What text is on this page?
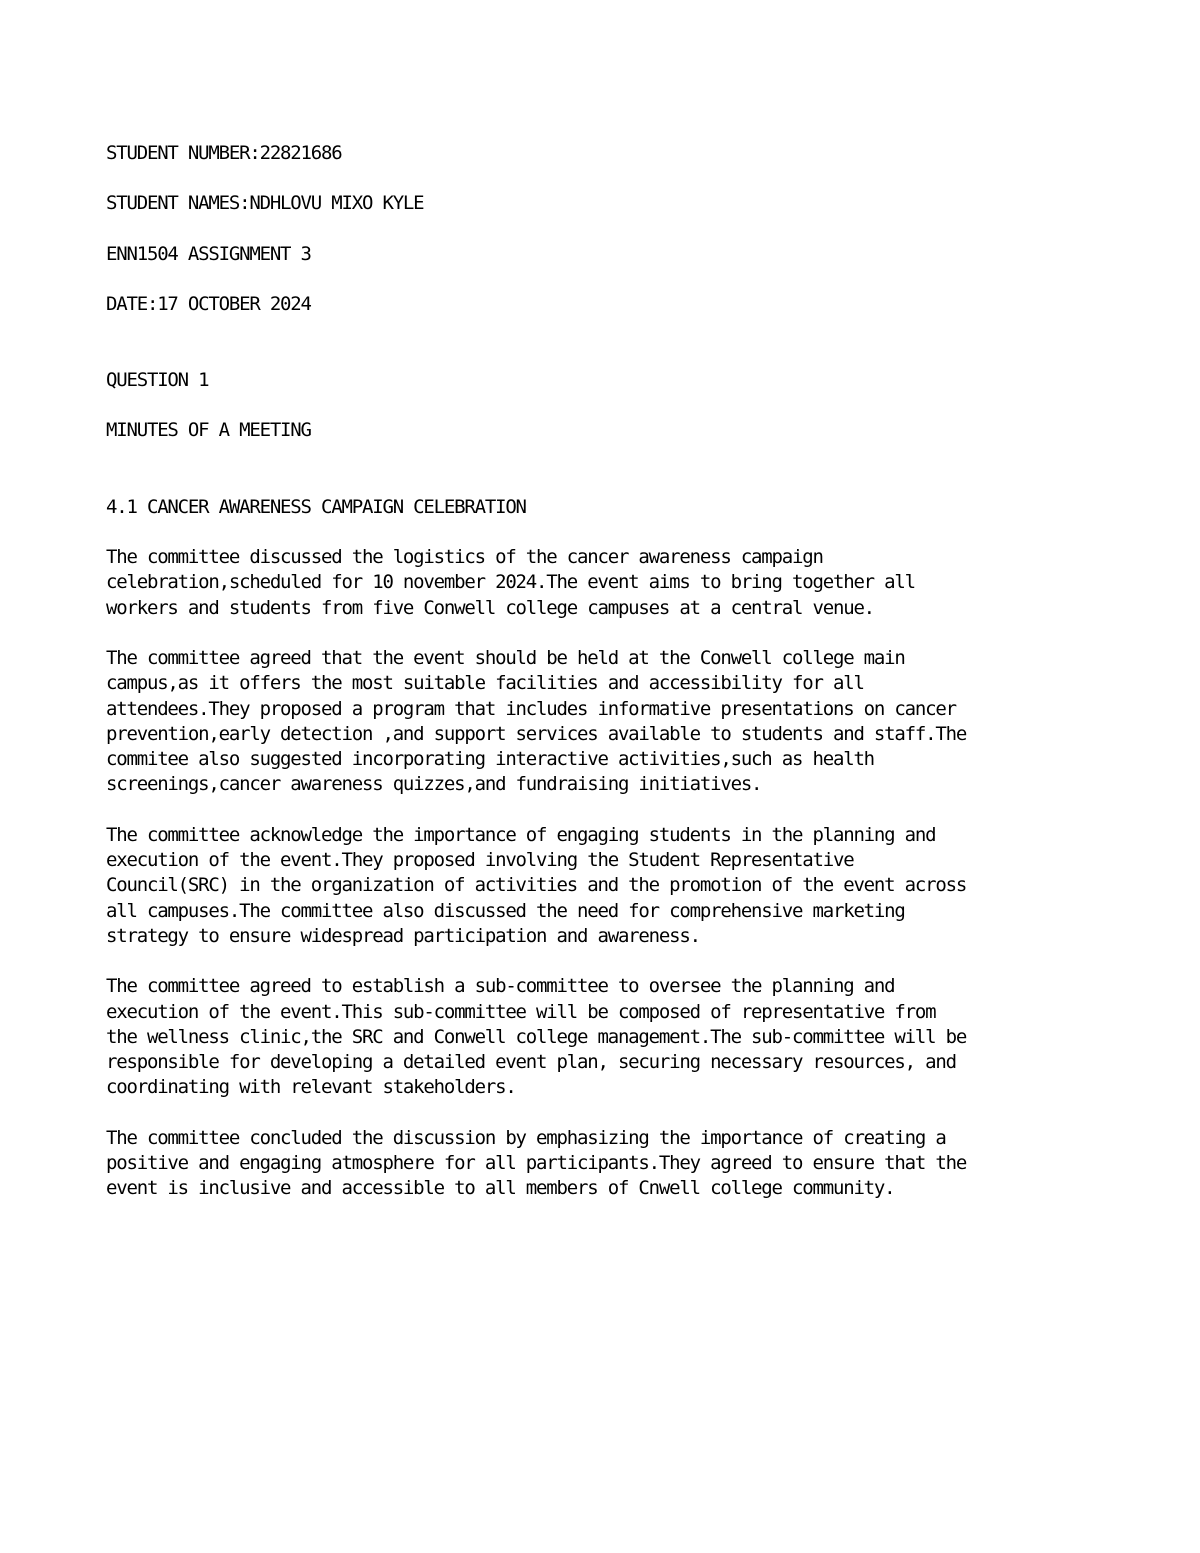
STUDENT NUMBER:22821686
STUDENT NAMES:NDHLOVU MIXO KYLE
ENN1504 ASSIGNMENT 3
DATE:17 OCTOBER 2024
QUESTION 1
MINUTES OF A MEETING
4.1 CANCER AWARENESS CAMPAIGN CELEBRATION
The committee discussed the logistics of the cancer awareness campaign
celebration,scheduled for 10 november 2024.The event aims to bring together all
workers and students from five Conwell college campuses at a central venue.
The committee agreed that the event should be held at the Conwell college main
campus,as it offers the most suitable facilities and accessibility for all
attendees.They proposed a program that includes informative presentations on cancer
prevention,early detection ,and support services available to students and staff.The
commitee also suggested incorporating interactive activities,such as health
screenings,cancer awareness quizzes,and fundraising initiatives.
The committee acknowledge the importance of engaging students in the planning and
execution of the event.They proposed involving the Student Representative
Council(SRC) in the organization of activities and the promotion of the event across
all campuses.The committee also discussed the need for comprehensive marketing
strategy to ensure widespread participation and awareness.
The committee agreed to establish a sub-committee to oversee the planning and
execution of the event.This sub-committee will be composed of representative from
the wellness clinic,the SRC and Conwell college management.The sub-committee will be
responsible for developing a detailed event plan, securing necessary resources, and
coordinating with relevant stakeholders.
The committee concluded the discussion by emphasizing the importance of creating a
positive and engaging atmosphere for all participants.They agreed to ensure that the
event is inclusive and accessible to all members of Cnwell college community.
